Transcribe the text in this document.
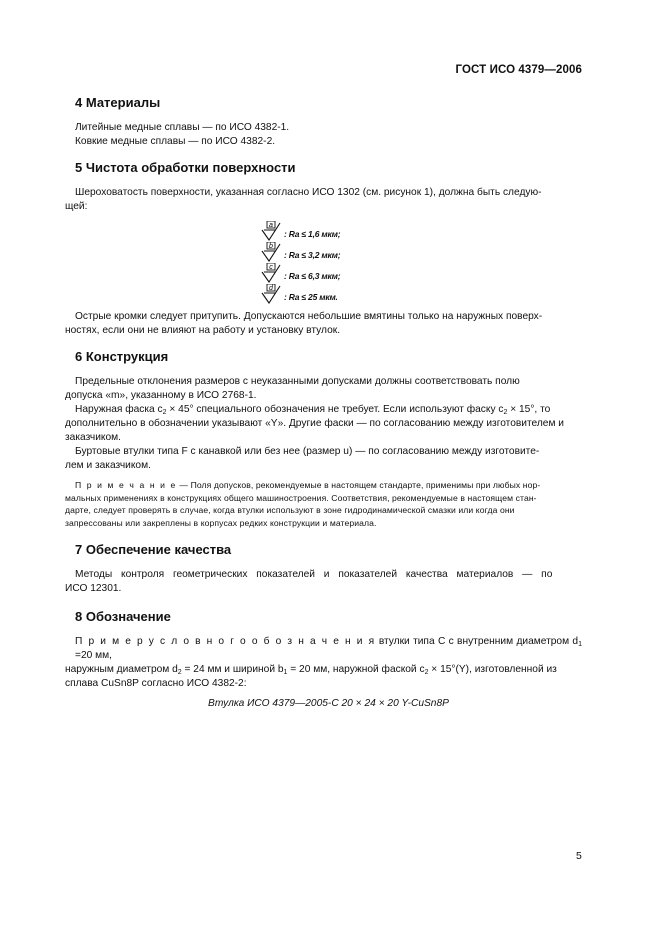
ГОСТ ИСО 4379—2006
4 Материалы

Литейные медные сплавы — по ИСО 4382-1.

Ковкие медные сплавы — по ИСО 4382-2.

5 Чистота обработки поверхности

Шероховатость поверхности, указанная согласно ИСО 1302 (см. рисунок 1), должна быть следую-

щей:

a
: Ra ≤ 1,6 мкм;
b
: Ra ≤ 3,2 мкм;
c
: Ra ≤ 6,3 мкм;
d
: Ra ≤ 25 мкм.

Острые кромки следует притупить. Допускаются небольшие вмятины только на наружных поверх-

ностях, если они не влияют на работу и установку втулок.

6 Конструкция

Предельные отклонения размеров с неуказанными допусками должны соответствовать полю

допуска «m», указанному в ИСО 2768-1.

Наружная фаска $c_2 \times 45^\circ$ специального обозначения не требует. Если используют фаску $c_2 \times 15^\circ$, то

дополнительно в обозначении указывают «Y». Другие фаски — по согласованию между изготовителем и

заказчиком.

Буртовые втулки типа F с канавкой или без нее (размер u) — по согласованию между изготовите-

лем и заказчиком.

П р и м е ч а н и е — Поля допусков, рекомендуемые в настоящем стандарте, применимы при любых нор-
мальных применениях в конструкциях общего машиностроения. Соответствия, рекомендуемые в настоящем стан-
дарте, следует проверять в случае, когда втулки используют в зоне гидродинамической смазки или когда они
запрессованы или закреплены в корпусах редких конструкции и материала.
7 Обеспечение качества

Методы контроля геометрических показателей и показателей качества материалов — по

ИСО 12301.

8 Обозначение

П р и м е р у с л о в н о г о о б о з н а ч е н и я втулки типа С с внутренним диаметром $d_1 =20$ мм,

наружным диаметром $d_2 = 24$ мм и шириной $b_1 = 20$ мм, наружной фаской $c_2 \times 15^\circ(Y)$, изготовленной из

сплава CuSn8P согласно ИСО 4382-2:

Втулка ИСО 4379—2005-С 20 × 24 × 20 Y-CuSn8P

5
